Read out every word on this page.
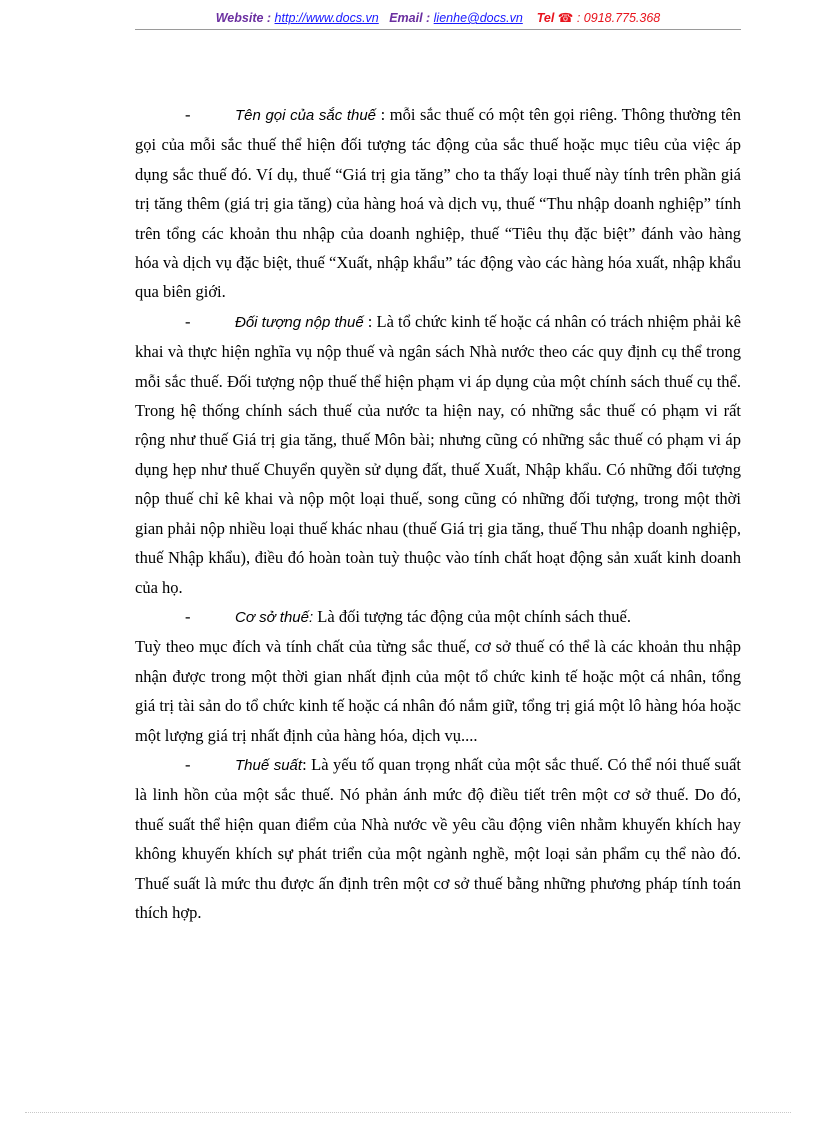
Website : http://www.docs.vn Email : lienhe@docs.vn Tel ☎ : 0918.775.368

-	Tên gọi của sắc thuế : mỗi sắc thuế có một tên gọi riêng. Thông thường tên gọi của mỗi sắc thuế thể hiện đối tượng tác động của sắc thuế hoặc mục tiêu của việc áp dụng sắc thuế đó. Ví dụ, thuế “Giá trị gia tăng” cho ta thấy loại thuế này tính trên phần giá trị tăng thêm (giá trị gia tăng) của hàng hoá và dịch vụ, thuế “Thu nhập doanh nghiệp” tính trên tổng các khoản thu nhập của doanh nghiệp, thuế “Tiêu thụ đặc biệt” đánh vào hàng hóa và dịch vụ đặc biệt, thuế “Xuất, nhập khẩu” tác động vào các hàng hóa xuất, nhập khẩu qua biên giới.

-	Đối tượng nộp thuế : Là tổ chức kinh tế hoặc cá nhân có trách nhiệm phải kê khai và thực hiện nghĩa vụ nộp thuế và ngân sách Nhà nước theo các quy định cụ thể trong mỗi sắc thuế. Đối tượng nộp thuế thể hiện phạm vi áp dụng của một chính sách thuế cụ thể. Trong hệ thống chính sách thuế của nước ta hiện nay, có những sắc thuế có phạm vi rất rộng như thuế Giá trị gia tăng, thuế Môn bài; nhưng cũng có những sắc thuế có phạm vi áp dụng hẹp như thuế Chuyển quyền sử dụng đất, thuế Xuất, Nhập khẩu. Có những đối tượng nộp thuế chỉ kê khai và nộp một loại thuế, song cũng có những đối tượng, trong một thời gian phải nộp nhiều loại thuế khác nhau (thuế Giá trị gia tăng, thuế Thu nhập doanh nghiệp, thuế Nhập khẩu), điều đó hoàn toàn tuỳ thuộc vào tính chất hoạt động sản xuất kinh doanh của họ.

-	Cơ sở thuế: Là đối tượng tác động của một chính sách thuế.

Tuỳ theo mục đích và tính chất của từng sắc thuế, cơ sở thuế có thể là các khoản thu nhập nhận được trong một thời gian nhất định của một tổ chức kinh tế hoặc một cá nhân, tổng giá trị tài sản do tổ chức kinh tế hoặc cá nhân đó nắm giữ, tổng trị giá một lô hàng hóa hoặc một lượng giá trị nhất định của hàng hóa, dịch vụ....

-	Thuế suất: Là yếu tố quan trọng nhất của một sắc thuế. Có thể nói thuế suất là linh hồn của một sắc thuế. Nó phản ánh mức độ điều tiết trên một cơ sở thuế. Do đó, thuế suất thể hiện quan điểm của Nhà nước về yêu cầu động viên nhằm khuyến khích hay không khuyến khích sự phát triển của một ngành nghề, một loại sản phẩm cụ thể nào đó. Thuế suất là mức thu được ấn định trên một cơ sở thuế bằng những phương pháp tính toán thích hợp.
